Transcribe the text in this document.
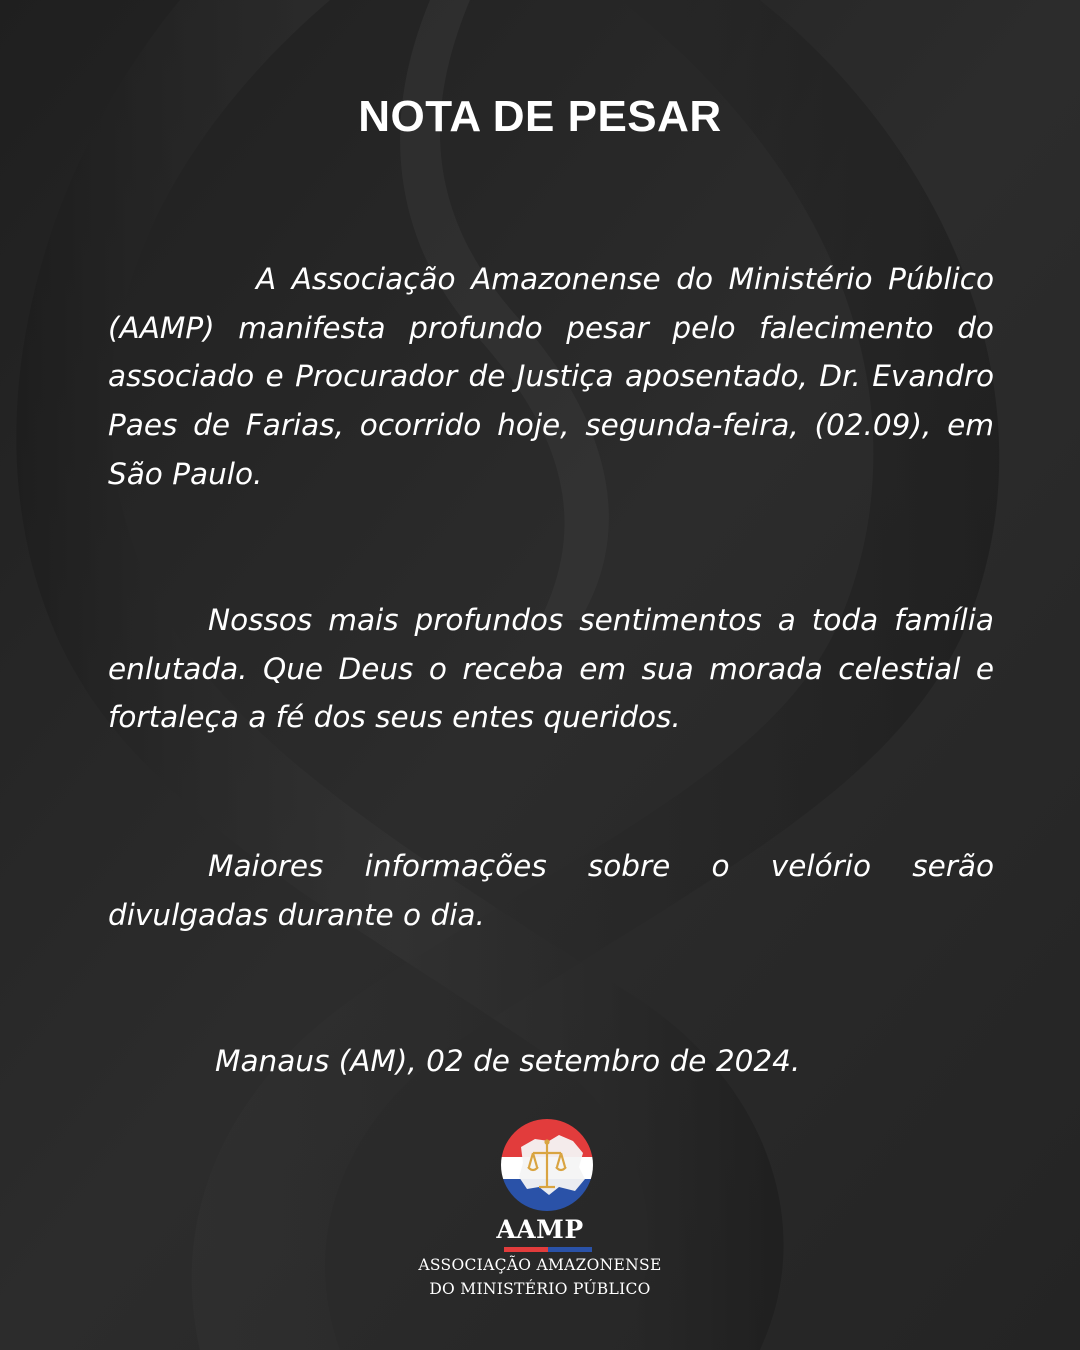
NOTA DE PESAR

A Associação Amazonense do Ministério Público (AAMP) manifesta profundo pesar pelo falecimento do associado e Procurador de Justiça aposentado, Dr. Evandro Paes de Farias, ocorrido hoje, segunda-feira, (02.09), em São Paulo.

Nossos mais profundos sentimentos a toda família enlutada. Que Deus o receba em sua morada celestial e fortaleça a fé dos seus entes queridos.

Maiores informações sobre o velório serão divulgadas durante o dia.

Manaus (AM), 02 de setembro de 2024.
AAMP
ASSOCIAÇÃO AMAZONENSE
DO MINISTÉRIO PÚBLICO
